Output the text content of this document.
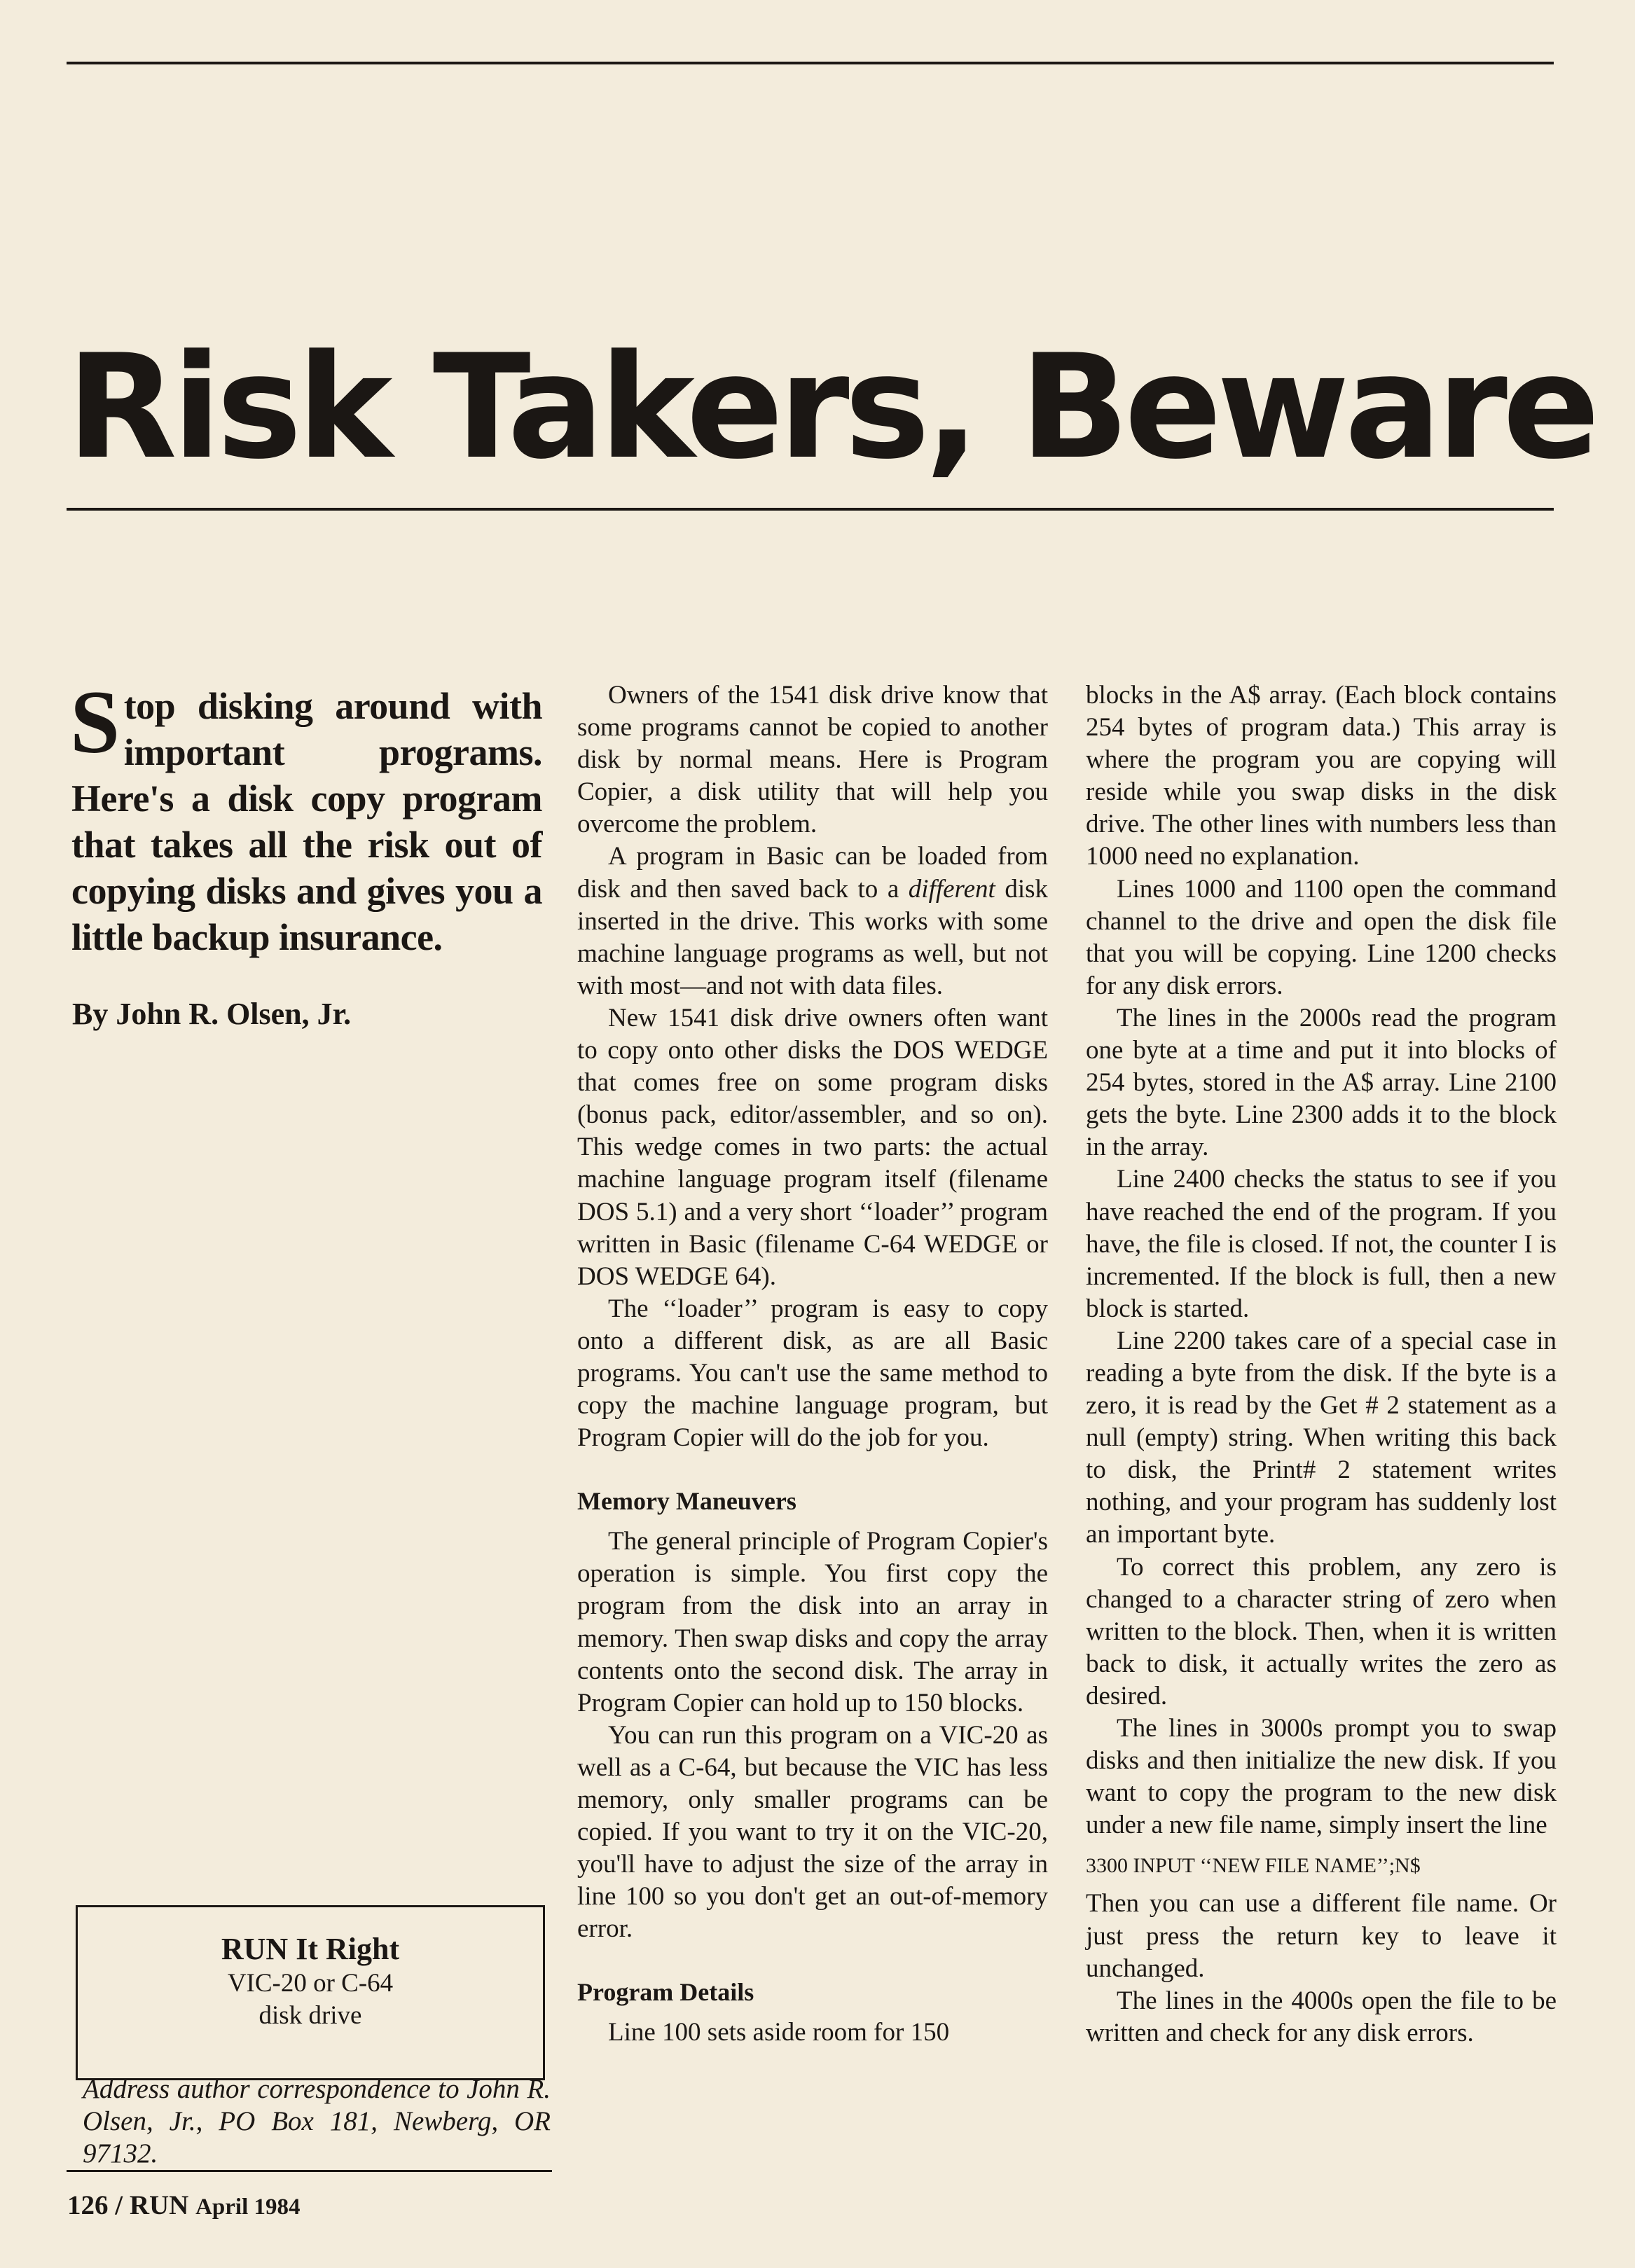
Risk Takers, Beware

Stop disking around with important programs. Here's a disk copy program that takes all the risk out of copying disks and gives you a little backup insurance.

By John R. Olsen, Jr.

Owners of the 1541 disk drive know that some programs cannot be copied to another disk by normal means. Here is Program Copier, a disk utility that will help you overcome the problem.

A program in Basic can be loaded from disk and then saved back to a different disk inserted in the drive. This works with some machine language programs as well, but not with most—and not with data files.

New 1541 disk drive owners often want to copy onto other disks the DOS WEDGE that comes free on some program disks (bonus pack, editor/assembler, and so on). This wedge comes in two parts: the actual machine language program itself (filename DOS 5.1) and a very short ‘‘loader’’ program written in Basic (filename C-64 WEDGE or DOS WEDGE 64).

The ‘‘loader’’ program is easy to copy onto a different disk, as are all Basic programs. You can't use the same method to copy the machine language program, but Program Copier will do the job for you.

Memory Maneuvers

The general principle of Program Copier's operation is simple. You first copy the program from the disk into an array in memory. Then swap disks and copy the array contents onto the second disk. The array in Program Copier can hold up to 150 blocks.

You can run this program on a VIC-20 as well as a C-64, but because the VIC has less memory, only smaller programs can be copied. If you want to try it on the VIC-20, you'll have to adjust the size of the array in line 100 so you don't get an out-of-memory error.

Program Details

Line 100 sets aside room for 150

blocks in the A$ array. (Each block contains 254 bytes of program data.) This array is where the program you are copying will reside while you swap disks in the disk drive. The other lines with numbers less than 1000 need no explanation.

Lines 1000 and 1100 open the command channel to the drive and open the disk file that you will be copying. Line 1200 checks for any disk errors.

The lines in the 2000s read the program one byte at a time and put it into blocks of 254 bytes, stored in the A$ array. Line 2100 gets the byte. Line 2300 adds it to the block in the array.

Line 2400 checks the status to see if you have reached the end of the program. If you have, the file is closed. If not, the counter I is incremented. If the block is full, then a new block is started.

Line 2200 takes care of a special case in reading a byte from the disk. If the byte is a zero, it is read by the Get # 2 statement as a null (empty) string. When writing this back to disk, the Print# 2 statement writes nothing, and your program has suddenly lost an important byte.

To correct this problem, any zero is changed to a character string of zero when written to the block. Then, when it is written back to disk, it actually writes the zero as desired.

The lines in 3000s prompt you to swap disks and then initialize the new disk. If you want to copy the program to the new disk under a new file name, simply insert the line

3300 INPUT ‘‘NEW FILE NAME’’;N$

Then you can use a different file name. Or just press the return key to leave it unchanged.

The lines in the 4000s open the file to be written and check for any disk errors.

RUN It Right
VIC-20 or C-64
disk drive

Address author correspondence to John R. Olsen, Jr., PO Box 181, Newberg, OR 97132.

126 / RUN April 1984
